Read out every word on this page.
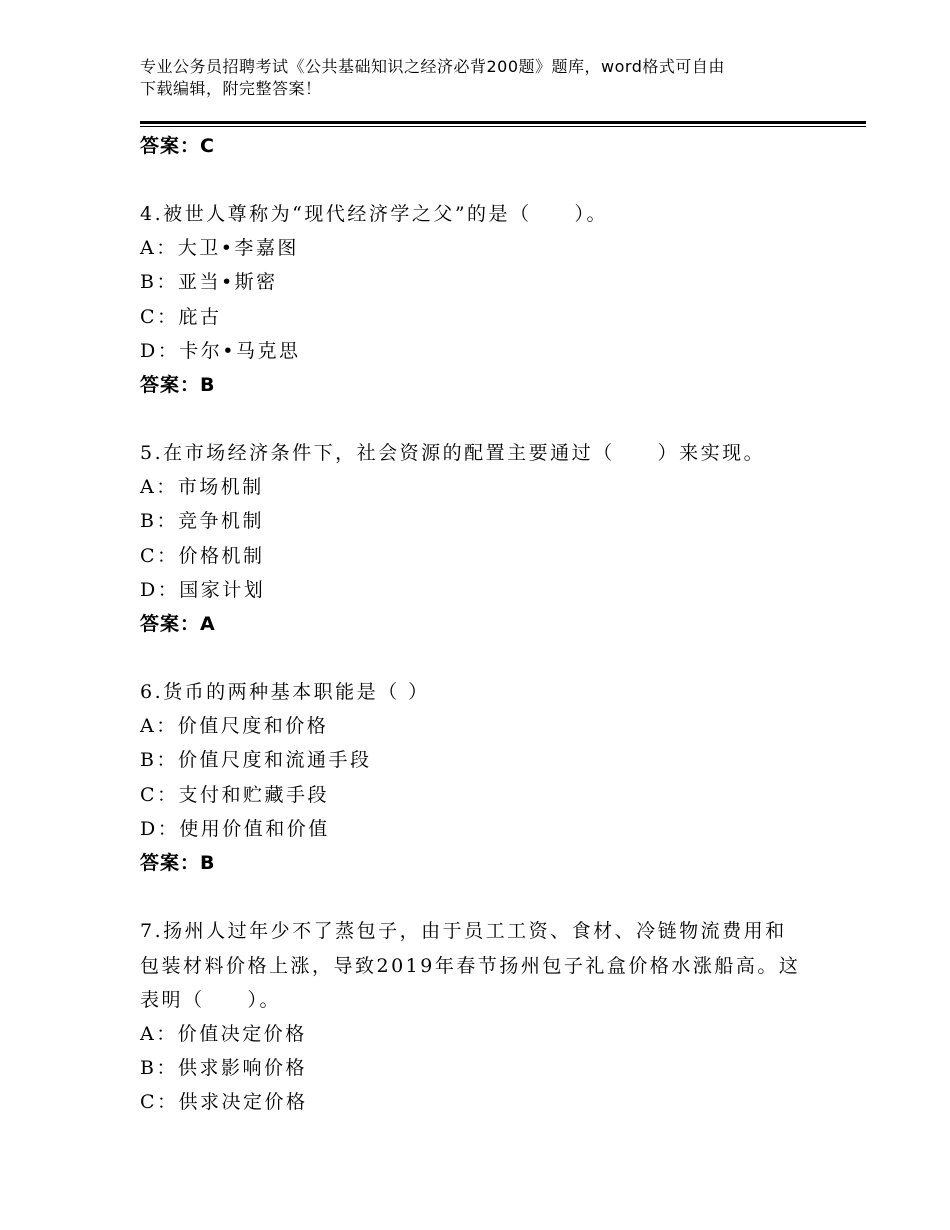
专业公务员招聘考试《公共基础知识之经济必背200题》题库，word格式可自由
下载编辑，附完整答案！
答案：C
4.被世人尊称为“现代经济学之父”的是（　　）。
A：大卫•李嘉图
B：亚当•斯密
C：庇古
D：卡尔•马克思
答案：B
5.在市场经济条件下，社会资源的配置主要通过（　　）来实现。
A：市场机制
B：竞争机制
C：价格机制
D：国家计划
答案：A
6.货币的两种基本职能是（ ）
A：价值尺度和价格
B：价值尺度和流通手段
C：支付和贮藏手段
D：使用价值和价值
答案：B
7.扬州人过年少不了蒸包子，由于员工工资、食材、冷链物流费用和
包装材料价格上涨，导致2019年春节扬州包子礼盒价格水涨船高。这
表明（　　）。
A：价值决定价格
B：供求影响价格
C：供求决定价格
